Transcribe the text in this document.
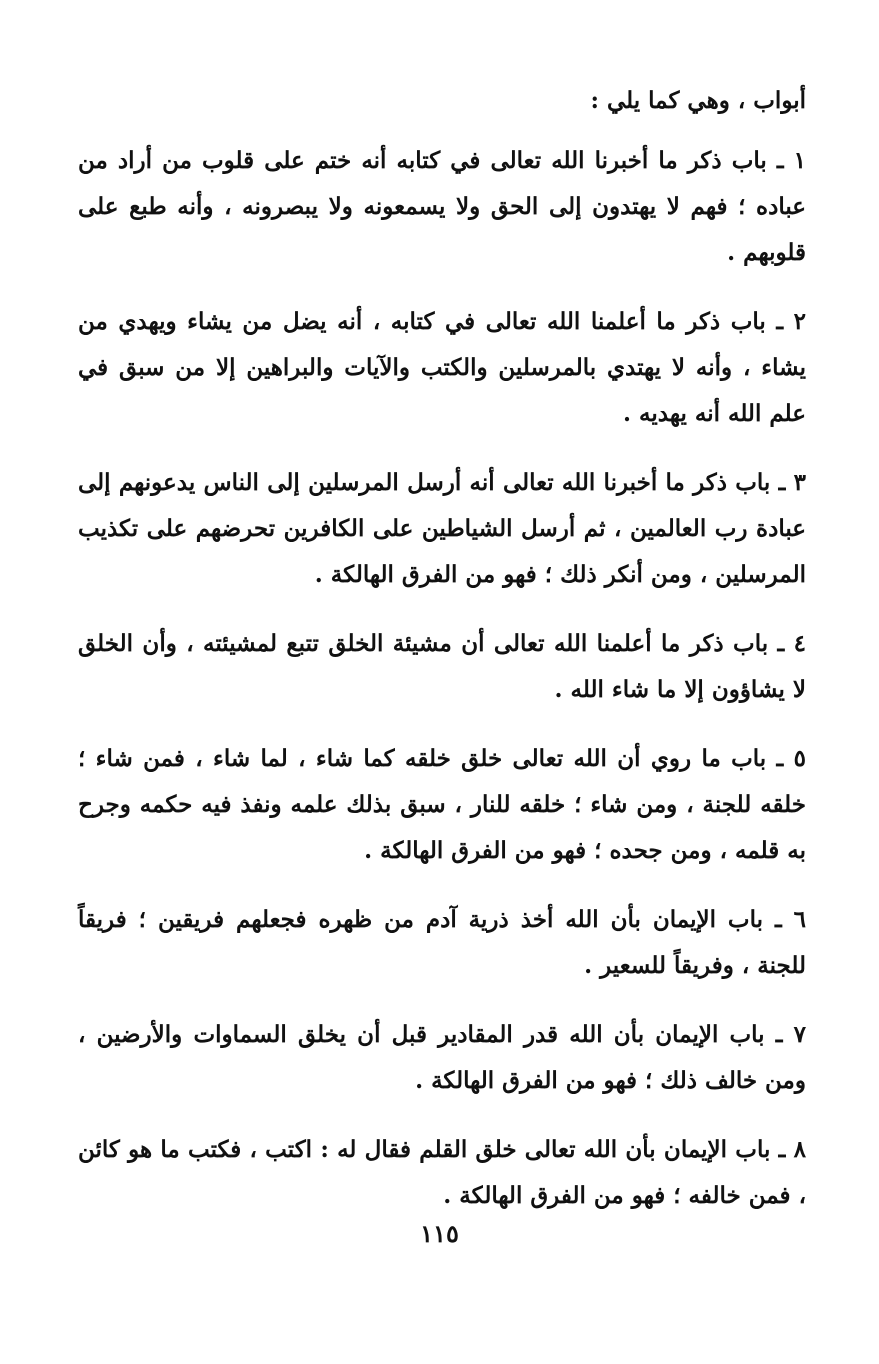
أبواب ، وهي كما يلي :

١ ـ باب ذكر ما أخبرنا الله تعالى في كتابه أنه ختم على قلوب من أراد من عباده ؛ فهم لا يهتدون إلى الحق ولا يسمعونه ولا يبصرونه ، وأنه طبع على قلوبهم .

٢ ـ باب ذكر ما أعلمنا الله تعالى في كتابه ، أنه يضل من يشاء ويهدي من يشاء ، وأنه لا يهتدي بالمرسلين والكتب والآيات والبراهين إلا من سبق في علم الله أنه يهديه .

٣ ـ باب ذكر ما أخبرنا الله تعالى أنه أرسل المرسلين إلى الناس يدعونهم إلى عبادة رب العالمين ، ثم أرسل الشياطين على الكافرين تحرضهم على تكذيب المرسلين ، ومن أنكر ذلك ؛ فهو من الفرق الهالكة .

٤ ـ باب ذكر ما أعلمنا الله تعالى أن مشيئة الخلق تتبع لمشيئته ، وأن الخلق لا يشاؤون إلا ما شاء الله .

٥ ـ باب ما روي أن الله تعالى خلق خلقه كما شاء ، لما شاء ، فمن شاء ؛ خلقه للجنة ، ومن شاء ؛ خلقه للنار ، سبق بذلك علمه ونفذ فيه حكمه وجرح به قلمه ، ومن جحده ؛ فهو من الفرق الهالكة .

٦ ـ باب الإيمان بأن الله أخذ ذرية آدم من ظهره فجعلهم فريقين ؛ فريقاً للجنة ، وفريقاً للسعير .

٧ ـ باب الإيمان بأن الله قدر المقادير قبل أن يخلق السماوات والأرضين ، ومن خالف ذلك ؛ فهو من الفرق الهالكة .

٨ ـ باب الإيمان بأن الله تعالى خلق القلم فقال له : اكتب ، فكتب ما هو كائن ، فمن خالفه ؛ فهو من الفرق الهالكة .

١١٥
